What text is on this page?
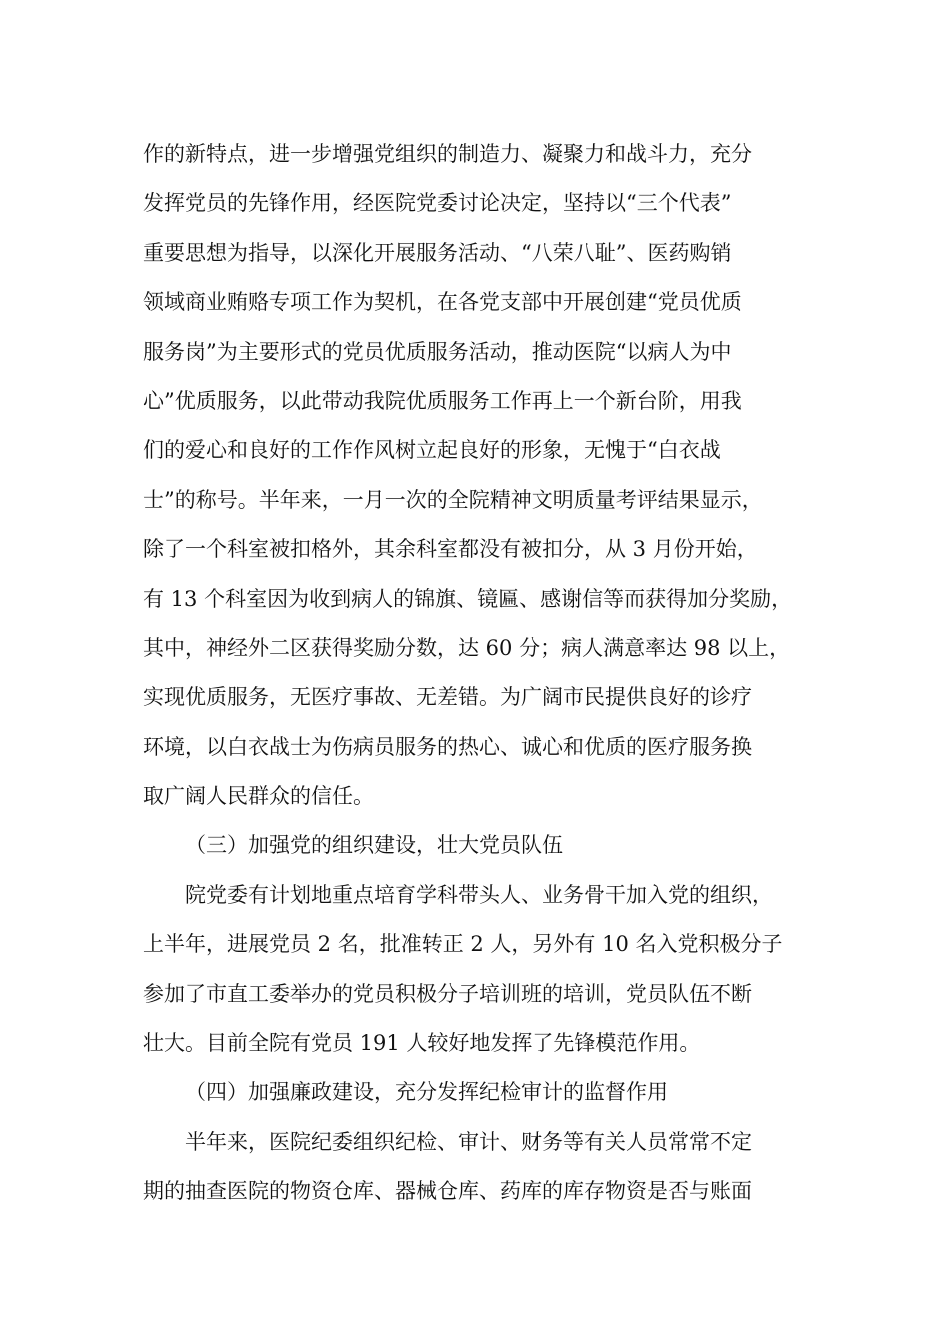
作的新特点，进一步增强党组织的制造力、凝聚力和战斗力，充分
发挥党员的先锋作用，经医院党委讨论决定，坚持以“三个代表”
重要思想为指导，以深化开展服务活动、“八荣八耻”、医药购销
领域商业贿赂专项工作为契机，在各党支部中开展创建“党员优质
服务岗”为主要形式的党员优质服务活动，推动医院“以病人为中
心”优质服务，以此带动我院优质服务工作再上一个新台阶，用我
们的爱心和良好的工作作风树立起良好的形象，无愧于“白衣战
士”的称号。半年来，一月一次的全院精神文明质量考评结果显示，
除了一个科室被扣格外，其余科室都没有被扣分，从 3 月份开始，
有 13 个科室因为收到病人的锦旗、镜匾、感谢信等而获得加分奖励，
其中，神经外二区获得奖励分数，达 60 分；病人满意率达 98 以上，
实现优质服务，无医疗事故、无差错。为广阔市民提供良好的诊疗
环境，以白衣战士为伤病员服务的热心、诚心和优质的医疗服务换
取广阔人民群众的信任。
（三）加强党的组织建设，壮大党员队伍
院党委有计划地重点培育学科带头人、业务骨干加入党的组织，
上半年，进展党员 2 名，批准转正 2 人，另外有 10 名入党积极分子
参加了市直工委举办的党员积极分子培训班的培训，党员队伍不断
壮大。目前全院有党员 191 人较好地发挥了先锋模范作用。
（四）加强廉政建设，充分发挥纪检审计的监督作用
半年来，医院纪委组织纪检、审计、财务等有关人员常常不定
期的抽查医院的物资仓库、器械仓库、药库的库存物资是否与账面
